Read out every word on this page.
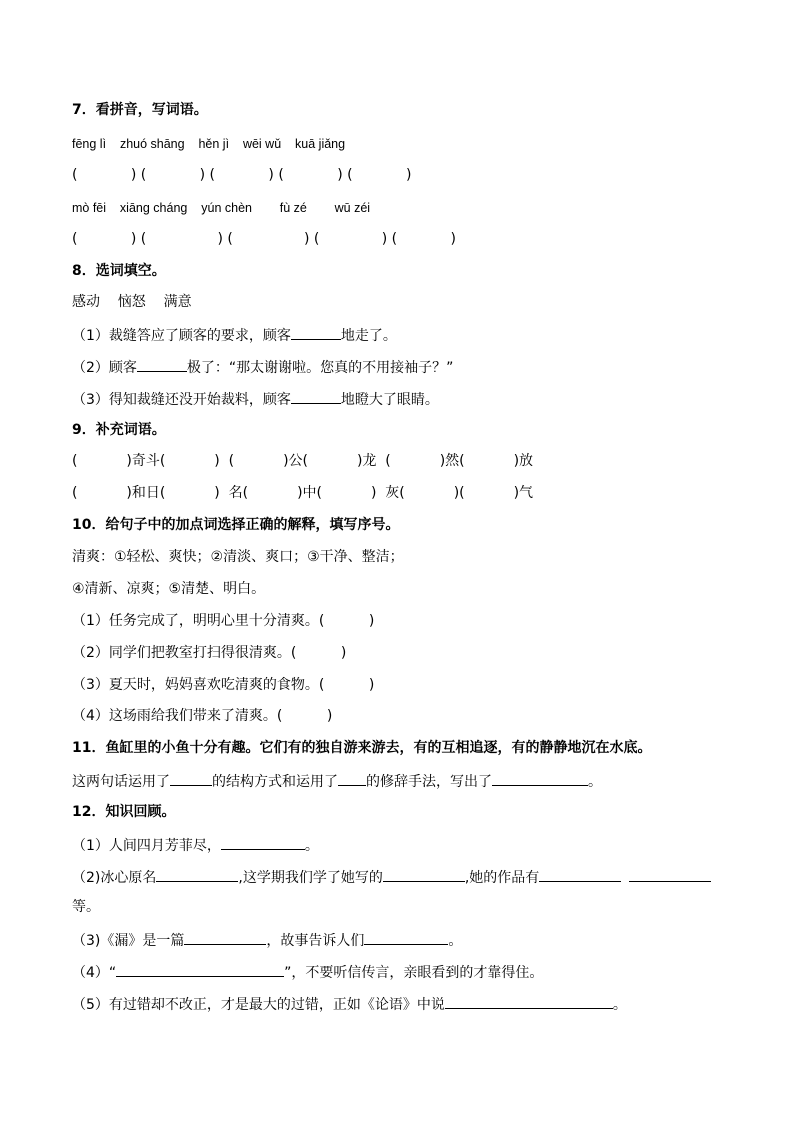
7．看拼音，写词语。
fēng lì    zhuó shāng    hěn jì    wēi wǔ    kuā jiǎng
(            ) (            ) (            ) (            ) (            )
mò fēi    xiāng cháng    yún chèn        fù zé        wū zéi
(            ) (                ) (                ) (              ) (            )
8．选词填空。
感动    恼怒    满意
（1）裁缝答应了顾客的要求，顾客	地走了。
（2）顾客	极了：“那太谢谢啦。您真的不用接袖子？”
（3）得知裁缝还没开始裁料，顾客	地瞪大了眼睛。
9．补充词语。
(           )奇斗(           )  (           )公(           )龙  (           )然(           )放
(           )和日(           )  名(           )中(           )  灰(           )(           )气
10．给句子中的加点词选择正确的解释，填写序号。
清爽：①轻松、爽快；②清淡、爽口；③干净、整洁；
④清新、凉爽；⑤清楚、明白。
（1）任务完成了，明明心里十分清爽。(          )
（2）同学们把教室打扫得很清爽。(          )
（3）夏天时，妈妈喜欢吃清爽的食物。(          )
（4）这场雨给我们带来了清爽。(          )
11．鱼缸里的小鱼十分有趣。它们有的独自游来游去，有的互相追逐，有的静静地沉在水底。
这两句话运用了	的结构方式和运用了 的修辞手法，写出了	。
12．知识回顾。
（1）人间四月芳菲尽，	。
（2)冰心原名	,这学期我们学了她写的	,她的作品有
等。
（3)《漏》是一篇	，故事告诉人们	。
（4）“	”，不要听信传言，亲眼看到的才靠得住。
（5）有过错却不改正，才是最大的过错，正如《论语》中说	。
